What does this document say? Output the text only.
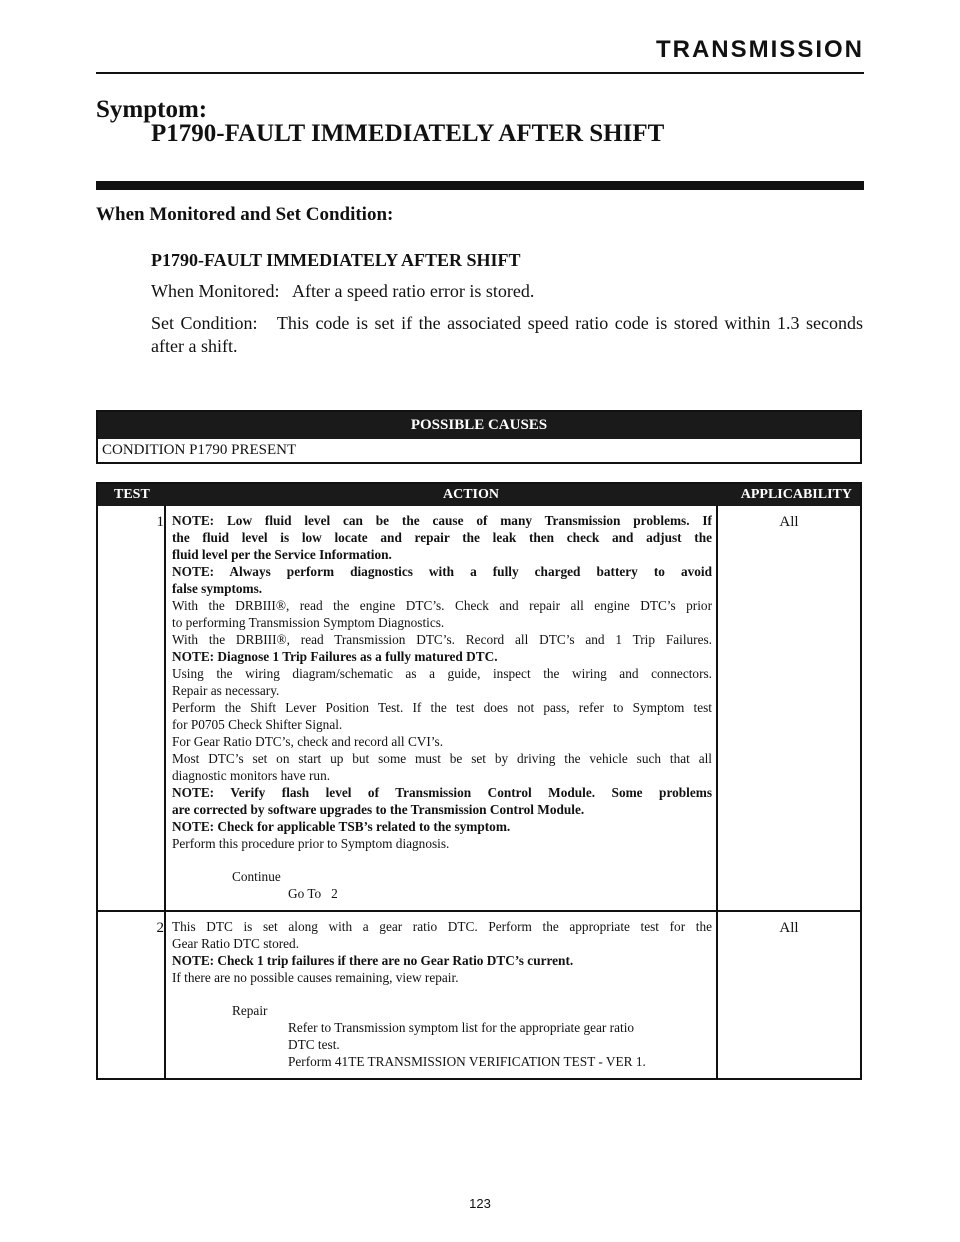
TRANSMISSION
Symptom:
P1790-FAULT IMMEDIATELY AFTER SHIFT
When Monitored and Set Condition:
P1790-FAULT IMMEDIATELY AFTER SHIFT
When Monitored:   After a speed ratio error is stored.
Set Condition:   This code is set if the associated speed ratio code is stored within 1.3 seconds after a shift.
POSSIBLE CAUSES
CONDITION P1790 PRESENT
TEST	ACTION	APPLICABILITY
1 NOTE: Low fluid level can be the cause of many Transmission problems. If
the fluid level is low locate and repair the leak then check and adjust the
fluid level per the Service Information.
NOTE: Always perform diagnostics with a fully charged battery to avoid
false symptoms.
With the DRBIII®, read the engine DTC’s. Check and repair all engine DTC’s prior
to performing Transmission Symptom Diagnostics.
With the DRBIII®, read Transmission DTC’s. Record all DTC’s and 1 Trip Failures.
NOTE: Diagnose 1 Trip Failures as a fully matured DTC.
Using the wiring diagram/schematic as a guide, inspect the wiring and connectors.
Repair as necessary.
Perform the Shift Lever Position Test. If the test does not pass, refer to Symptom test
for P0705 Check Shifter Signal.
For Gear Ratio DTC’s, check and record all CVI’s.
Most DTC’s set on start up but some must be set by driving the vehicle such that all
diagnostic monitors have run.
NOTE: Verify flash level of Transmission Control Module. Some problems
are corrected by software upgrades to the Transmission Control Module.
NOTE: Check for applicable TSB’s related to the symptom.
Perform this procedure prior to Symptom diagnosis.
Continue
Go To   2
All
2 This DTC is set along with a gear ratio DTC. Perform the appropriate test for the
Gear Ratio DTC stored.
NOTE: Check 1 trip failures if there are no Gear Ratio DTC’s current.
If there are no possible causes remaining, view repair.
Repair
Refer to Transmission symptom list for the appropriate gear ratio
DTC test.
Perform 41TE TRANSMISSION VERIFICATION TEST - VER 1.
All
123
